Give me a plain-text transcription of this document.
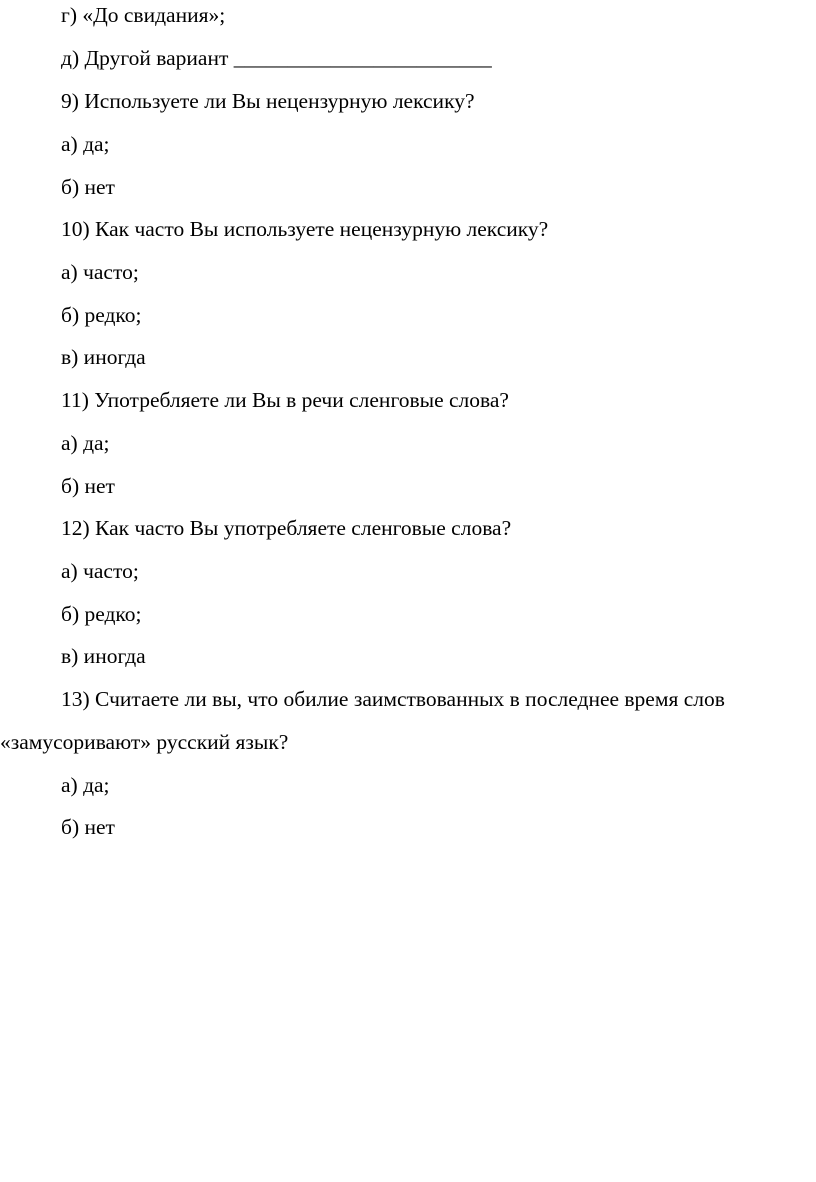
г) «До свидания»;
д) Другой вариант ________________________
9) Используете ли Вы нецензурную лексику?
а) да;
б) нет
10) Как часто Вы используете нецензурную лексику?
а) часто;
б) редко;
в) иногда
11) Употребляете ли Вы в речи сленговые слова?
а) да;
б) нет
12) Как часто Вы употребляете сленговые слова?
а) часто;
б) редко;
в) иногда
13) Считаете ли вы, что обилие заимствованных в последнее время слов
«замусоривают» русский язык?
а) да;
б) нет
